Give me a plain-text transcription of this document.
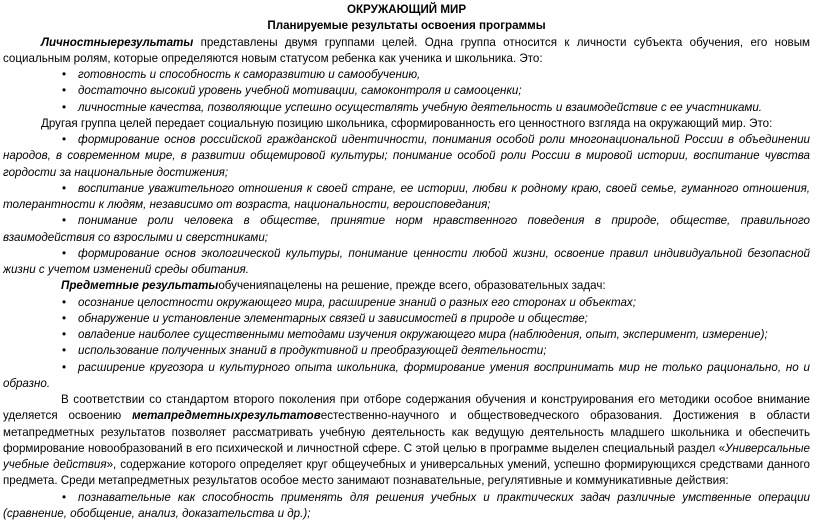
ОКРУЖАЮЩИЙ МИР
Планируемые результаты освоения программы

Личностныерезультаты представлены двумя группами целей. Одна группа относится к личности субъекта обучения, его новым социальным ролям, которые определяются новым статусом ребенка как ученика и школьника. Это:

• готовность и способность к саморазвитию и самообучению,
• достаточно высокий уровень учебной мотивации, самоконтроля и самооценки;
• личностные качества, позволяющие успешно осуществлять учебную деятельность и взаимодействие с ее участниками.

Другая группа целей передает социальную позицию школьника, сформированность его ценностного взгляда на окружающий мир. Это:

• формирование основ российской гражданской идентичности, понимания особой роли многонациональной России в объединении народов, в современном мире, в развитии общемировой культуры; понимание особой роли России в мировой истории, воспитание чувства гордости за национальные достижения;
• воспитание уважительного отношения к своей стране, ее истории, любви к родному краю, своей семье, гуманного отношения, толерантности к людям, независимо от возраста, национальности, вероисповедания;
• понимание роли человека в обществе, принятие норм нравственного поведения в природе, обществе, правильного взаимодействия со взрослыми и сверстниками;
• формирование основ экологической культуры, понимание ценности любой жизни, освоение правил индивидуальной безопасной жизни с учетом изменений среды обитания.

Предметные результатыобученияnацелены на решение, прежде всего, образовательных задач:

• осознание целостности окружающего мира, расширение знаний о разных его сторонах и объектах;
• обнаружение и установление элементарных связей и зависимостей в природе и обществе;
• овладение наиболее существенными методами изучения окружающего мира (наблюдения, опыт, эксперимент, измерение);
• использование полученных знаний в продуктивной и преобразующей деятельности;
• расширение кругозора и культурного опыта школьника, формирование умения воспринимать мир не только рационально, но и образно.

В соответствии со стандартом второго поколения при отборе содержания обучения и конструирования его методики особое внимание уделяется освоению метапредметныхрезультатовестественно-научного и обществоведческого образования. Достижения в области метапредметных результатов позволяет рассматривать учебную деятельность как ведущую деятельность младшего школьника и обеспечить формирование новообразований в его психической и личностной сфере. С этой целью в программе выделен специальный раздел «Универсальные учебные действия», содержание которого определяет круг общеучебных и универсальных умений, успешно формирующихся средствами данного предмета. Среди метапредметных результатов особое место занимают познавательные, регулятивные и коммуникативные действия:

• познавательные как способность применять для решения учебных и практических задач различные умственные операции (сравнение, обобщение, анализ, доказательства и др.);
